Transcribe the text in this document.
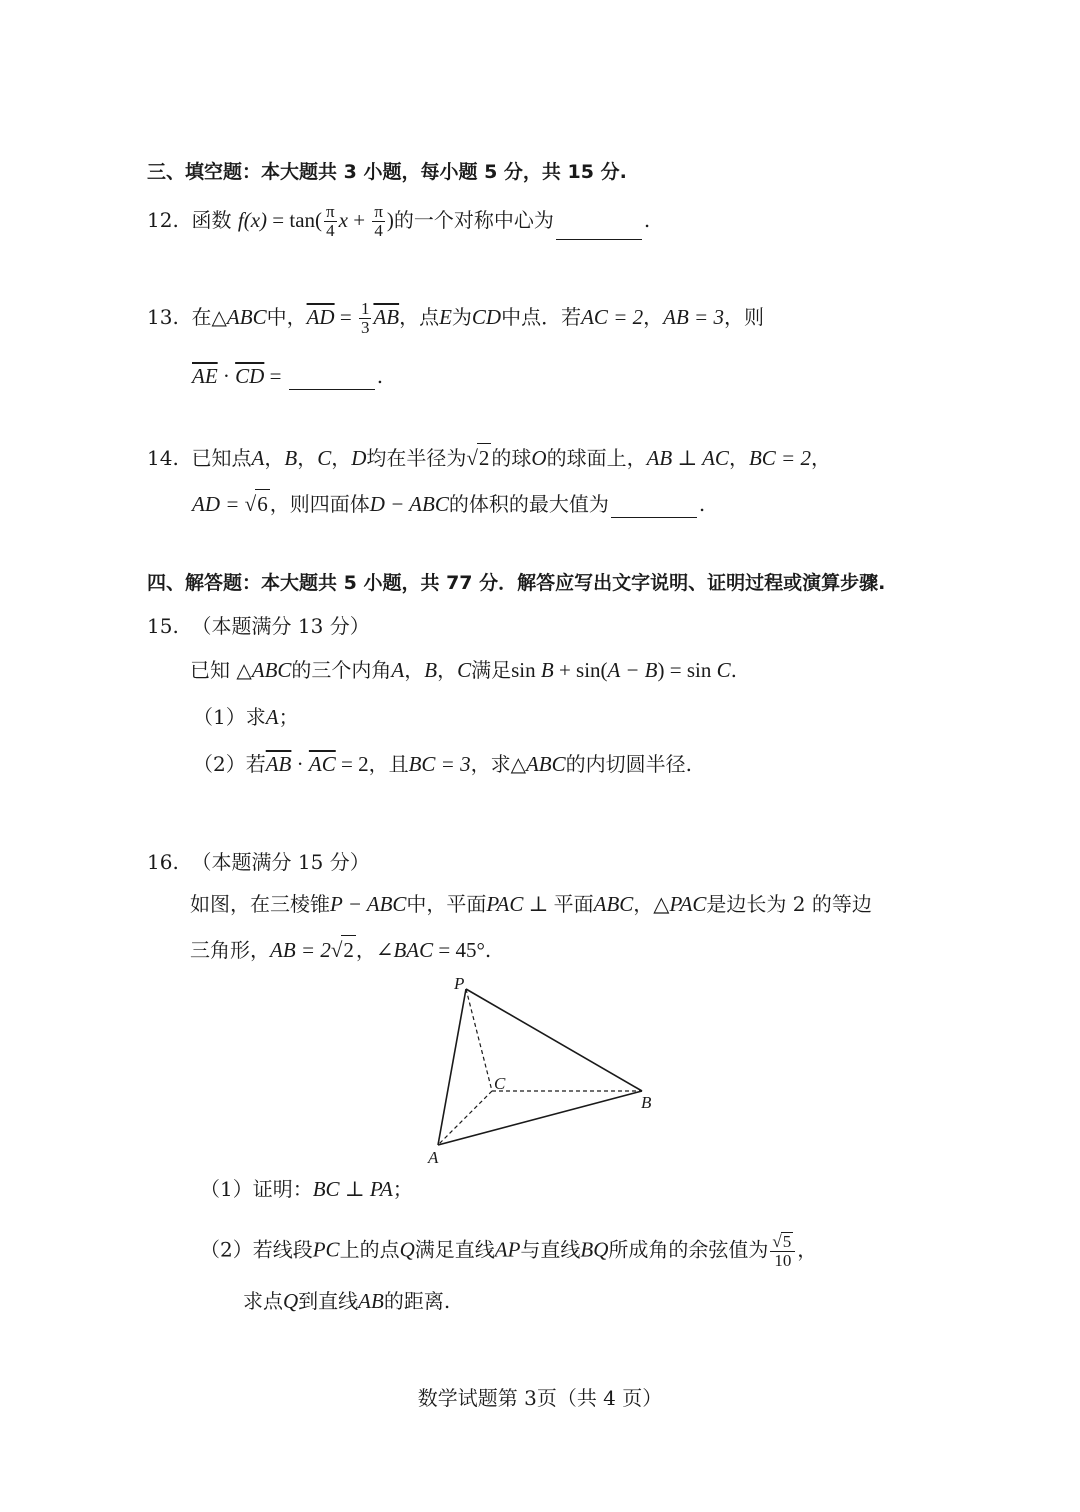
三、填空题：本大题共 3 小题，每小题 5 分，共 15 分.
12. 函数 $f(x) = \tan( \frac{\pi}{4}$ $x + \frac{\pi}{4}$ )的一个对称中心为	.
13. 在△ABC中，$\overline{AD} = \frac{1}{3} \overline{AB}$，点E为CD中点．若AC = 2，AB = 3，则
$\overline{AE} \cdot \overline{CD}$ =	.
14. 已知点A，B，C，D均在半径为√2 的球O的球面上，AB ⊥ AC，BC = 2，
AD = √6 ，则四面体D − ABC的体积的最大值为	.
四、解答题：本大题共 5 小题，共 77 分．解答应写出文字说明、证明过程或演算步骤.
15. （本题满分 13 分）
已知 △ABC的三个内角A，B，C满足sin B + sin(A − B) = sin C.
（1）求A；
（2）若$\overline{AB} \cdot \overline{AC} = 2$，且BC = 3，求△ABC的内切圆半径.
16. （本题满分 15 分）
如图，在三棱锥P − ABC中，平面PAC ⊥ 平面ABC，△PAC是边长为 2 的等边
三角形，AB = 2√2 ，∠BAC = 45°.
P
C
B
A
（1）证明：BC ⊥ PA；
（2）若线段PC上的点Q满足直线AP与直线BQ所成角的余弦值为 $\frac{√5}{10}$ ，
求点Q到直线AB的距离.
数学试题第 3页（共 4 页）
